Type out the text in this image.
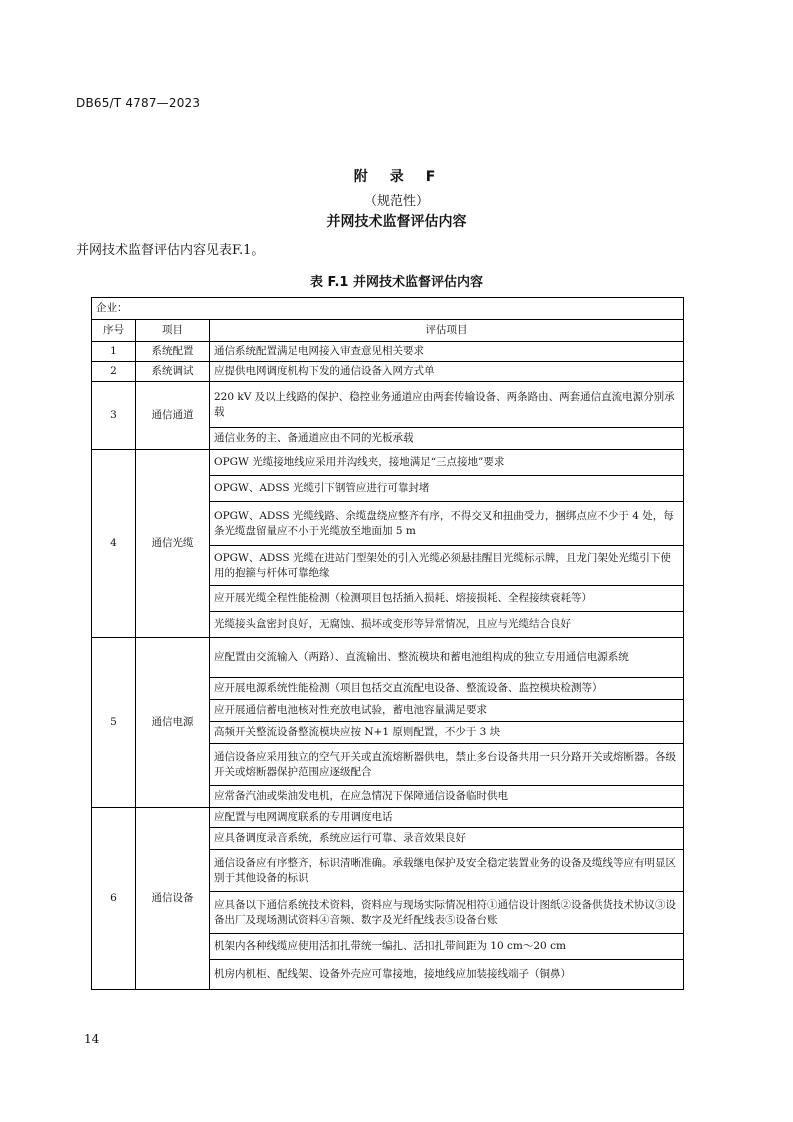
DB65/T 4787—2023
附　录　F
（规范性）
并网技术监督评估内容
并网技术监督评估内容见表F.1。
表 F.1 并网技术监督评估内容
企业：		
序号	项目	评估项目
1	系统配置	通信系统配置满足电网接入审查意见相关要求
2	系统调试	应提供电网调度机构下发的通信设备入网方式单
3	通信通道	220 kV 及以上线路的保护、稳控业务通道应由两套传输设备、两条路由、两套通信直流电源分别承载
		通信业务的主、备通道应由不同的光板承载
4	通信光缆	OPGW 光缆接地线应采用并沟线夹，接地满足“三点接地”要求
		OPGW、ADSS 光缆引下钢管应进行可靠封堵
		OPGW、ADSS 光缆线路、余缆盘绕应整齐有序，不得交叉和扭曲受力，捆绑点应不少于 4 处，每条光缆盘留量应不小于光缆放至地面加 5 m
		OPGW、ADSS 光缆在进站门型架处的引入光缆必须悬挂醒目光缆标示牌，且龙门架处光缆引下使用的抱箍与杆体可靠绝缘
		应开展光缆全程性能检测（检测项目包括插入损耗、熔接损耗、全程接续衰耗等）
		光缆接头盒密封良好，无腐蚀、损坏或变形等异常情况，且应与光缆结合良好
5	通信电源	应配置由交流输入（两路）、直流输出、整流模块和蓄电池组构成的独立专用通信电源系统
		应开展电源系统性能检测（项目包括交直流配电设备、整流设备、监控模块检测等）
		应开展通信蓄电池核对性充放电试验，蓄电池容量满足要求
		高频开关整流设备整流模块应按 N+1 原则配置，不少于 3 块
		通信设备应采用独立的空气开关或直流熔断器供电，禁止多台设备共用一只分路开关或熔断器。各级开关或熔断器保护范围应逐级配合
		应常备汽油或柴油发电机，在应急情况下保障通信设备临时供电
6	通信设备	应配置与电网调度联系的专用调度电话
		应具备调度录音系统，系统应运行可靠、录音效果良好
		通信设备应有序整齐，标识清晰准确。承载继电保护及安全稳定装置业务的设备及缆线等应有明显区别于其他设备的标识
		应具备以下通信系统技术资料，资料应与现场实际情况相符①通信设计图纸②设备供货技术协议③设备出厂及现场测试资料④音频、数字及光纤配线表⑤设备台账
		机架内各种线缆应使用活扣扎带统一编扎、活扣扎带间距为 10 cm～20 cm
		机房内机柜、配线架、设备外壳应可靠接地，接地线应加装接线端子（铜鼻）
14
